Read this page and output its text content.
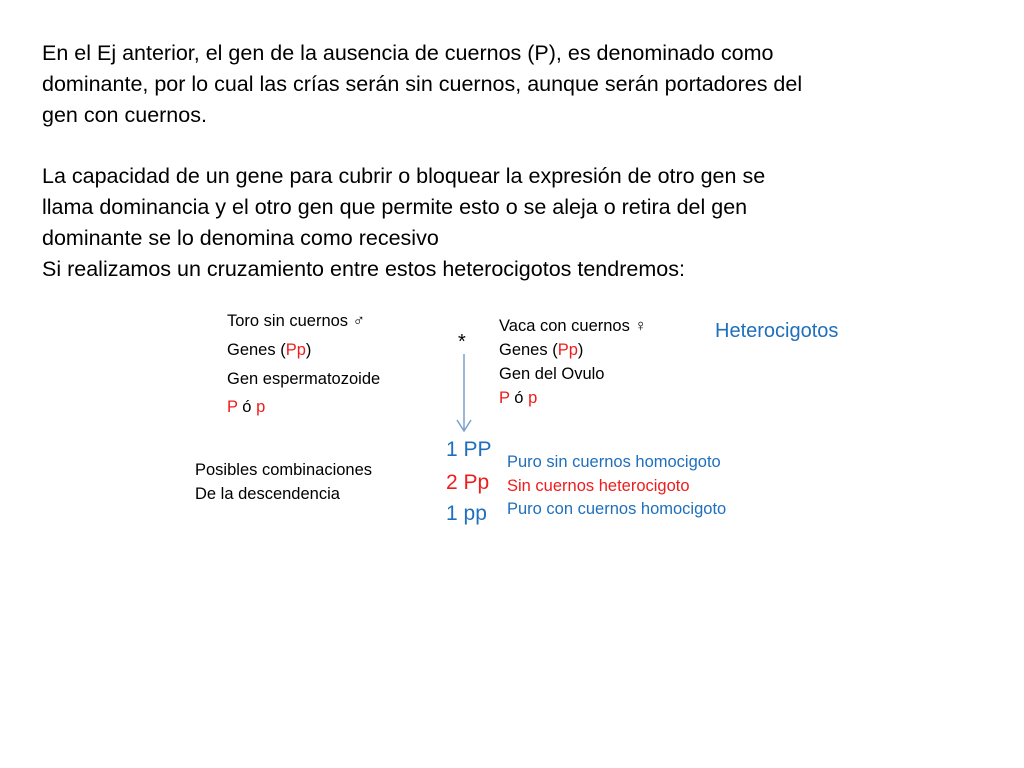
En el Ej anterior, el gen de la ausencia de cuernos (P), es denominado como
dominante, por lo cual las crías serán sin cuernos, aunque serán portadores del
gen con cuernos.
La capacidad de un gene para cubrir o bloquear la expresión de otro gen se
llama dominancia y el otro gen que permite esto o se aleja o retira del gen
dominante se lo denomina como recesivo
Si realizamos un cruzamiento entre estos heterocigotos tendremos:
Toro sin cuernos ♂
Genes (Pp)
Gen espermatozoide
P ó p
*
Vaca con cuernos ♀
Genes (Pp)
Gen del Ovulo
P ó p
Heterocigotos
Posibles combinaciones
De la descendencia
1 PP
Puro sin cuernos homocigoto
2 Pp Sin cuernos heterocigoto
1 pp Puro con cuernos homocigoto
